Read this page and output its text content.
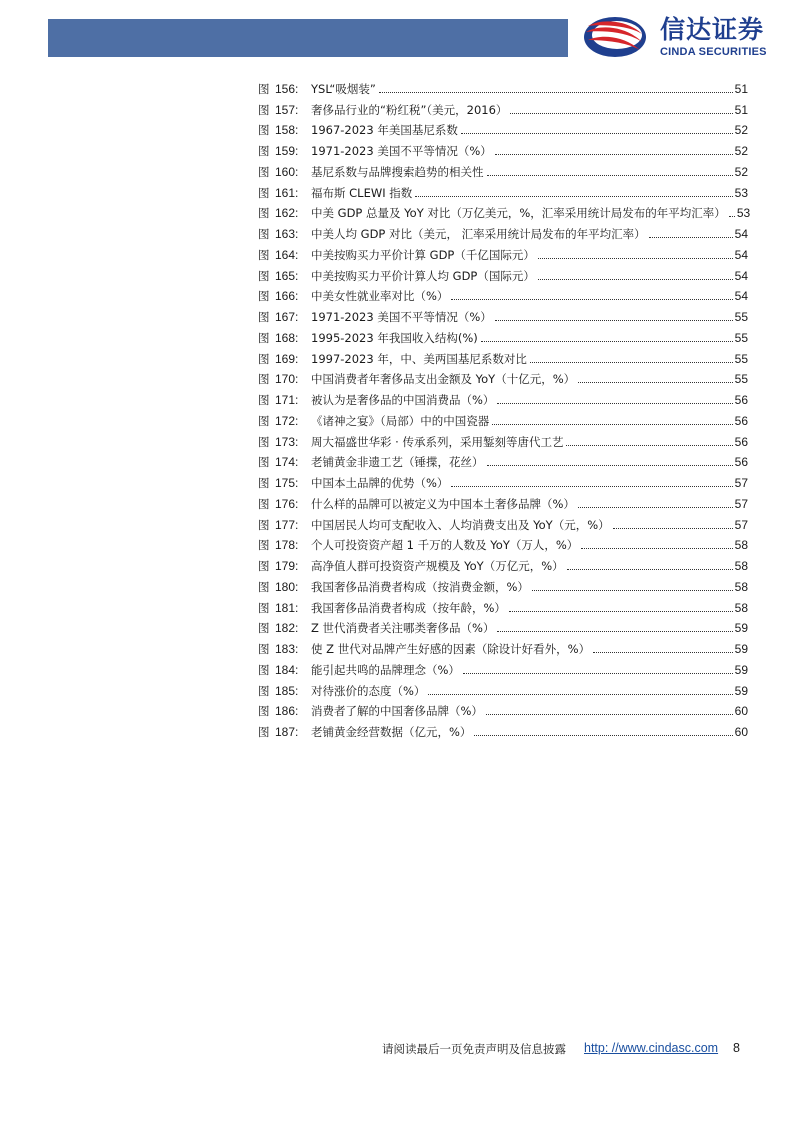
信达证券
CINDA SECURITIES
图 156:	YSL“吸烟装”	51
图 157:	奢侈品行业的“粉红税”（美元，2016）	51
图 158:	1967-2023 年美国基尼系数	52
图 159:	1971-2023 美国不平等情况（%）	52
图 160:	基尼系数与品牌搜索趋势的相关性	52
图 161:	福布斯 CLEWI 指数	53
图 162:	中美 GDP 总量及 YoY 对比（万亿美元，%，汇率采用统计局发布的年平均汇率） 53
图 163:	中美人均 GDP 对比（美元， 汇率采用统计局发布的年平均汇率）	54
图 164:	中美按购买力平价计算 GDP（千亿国际元）	54
图 165:	中美按购买力平价计算人均 GDP（国际元）	54
图 166:	中美女性就业率对比（%）	54
图 167:	1971-2023 美国不平等情况（%）	55
图 168:	1995-2023 年我国收入结构(%)	55
图 169:	1997-2023 年，中、美两国基尼系数对比	55
图 170:	中国消费者年奢侈品支出金额及 YoY（十亿元，%）	55
图 171:	被认为是奢侈品的中国消费品（%）	56
图 172:	《诸神之宴》（局部）中的中国瓷器	56
图 173:	周大福盛世华彩 · 传承系列，采用錾刻等唐代工艺	56
图 174:	老铺黄金非遗工艺（锤揲，花丝）	56
图 175:	中国本土品牌的优势（%）	57
图 176:	什么样的品牌可以被定义为中国本土奢侈品牌（%）	57
图 177:	中国居民人均可支配收入、人均消费支出及 YoY（元，%）	57
图 178:	个人可投资资产超 1 千万的人数及 YoY（万人，%）	58
图 179:	高净值人群可投资资产规模及 YoY（万亿元，%）	58
图 180:	我国奢侈品消费者构成（按消费金额，%）	58
图 181:	我国奢侈品消费者构成（按年龄，%）	58
图 182:	Z 世代消费者关注哪类奢侈品（%）	59
图 183:	使 Z 世代对品牌产生好感的因素（除设计好看外，%）	59
图 184:	能引起共鸣的品牌理念（%）	59
图 185:	对待涨价的态度（%）	59
图 186:	消费者了解的中国奢侈品牌（%）	60
图 187:	老铺黄金经营数据（亿元，%）	60
请阅读最后一页免责声明及信息披露 http: //www.cindasc.com 8
